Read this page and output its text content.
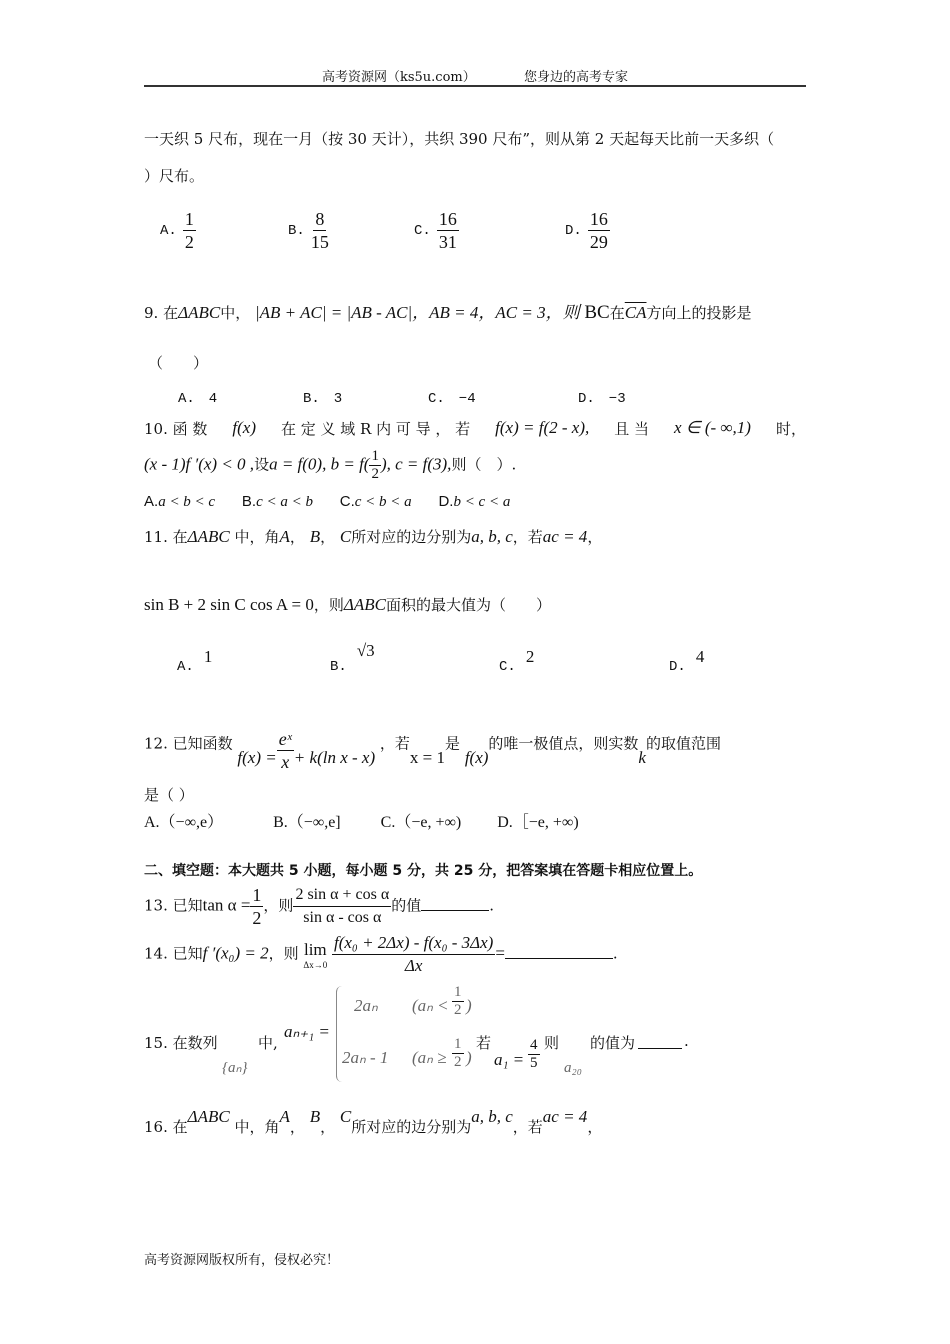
高考资源网（ks5u.com）	您身边的高考专家
一天织 5 尺布，现在一月（按 30 天计），共织 390 尺布”，则从第 2 天起每天比前一天多织（
）尺布。
A. $\frac{1}{2}$	B. $\frac{8}{15}$	C. $\frac{16}{31}$	D. $\frac{16}{29}$
9. 在ΔABC中， |AB + AC| = |AB - AC|，AB = 4，AC = 3，则 BC在$\overline{CA}$方向上的投影是
（　　）
A.　4	B.　3	C.　−4	D.　−3
10. 函 数 f(x) 在 定 义 域 R 内 可 导 ， 若 f(x) = f(2 - x), 且 当 x ∈ (- ∞,1) 时，
(x - 1)f ′(x) < 0 ,设a = f(0), $b = f( \frac{1}{2}$ ), c = f(3),则（　）.
A.a < b < c B.c < a < b C.c < b < a D.b < c < a
11. 在ΔABC 中，角A， B， C所对应的边分别为a, b, c，若ac = 4，
sin B + 2 sin C cos A = 0，则ΔABC面积的最大值为（　　）
A.1
B.√3
C.2
D.4
12. 已知函数 $f(x) = \frac{\text{eˣ}}{x} + k(\ln$ x - x) ，若x = 1是 f(x)的唯一极值点，则实数k的取值范围
是（ ）
A.（−∞,e）	B.（−∞,e]	C.（−e, +∞) D.［−e, +∞)
二、填空题：本大题共 5 小题，每小题 5 分，共 25 分，把答案填在答题卡相应位置上。
13. 已知$\tan \alpha = \frac{1}{2}$ ，则 $\frac{\text{2 sin α + cos α}}{\text{sin α - cos α}}$ 的值	.
14. 已知f ′(x₀) = 2，则 lim
Δx→0
$\frac{\text{f(x₀ + 2Δx) - f(x₀ - 3Δx)}}{\Delta x}$ =	.
15. 在数列
{aₙ}
中,
aₙ₊₁ =
2aₙ ($a_n < \frac{1}{2}$ )
2aₙ - 1 ($a_n \ge \frac{1}{2}$ )
若
$a_1 = \frac{4}{5}$ 则
a₂₀
的值为	.
16. 在ΔABC 中，角A， B， C所对应的边分别为a, b, c，若ac = 4，
高考资源网版权所有，侵权必究！
